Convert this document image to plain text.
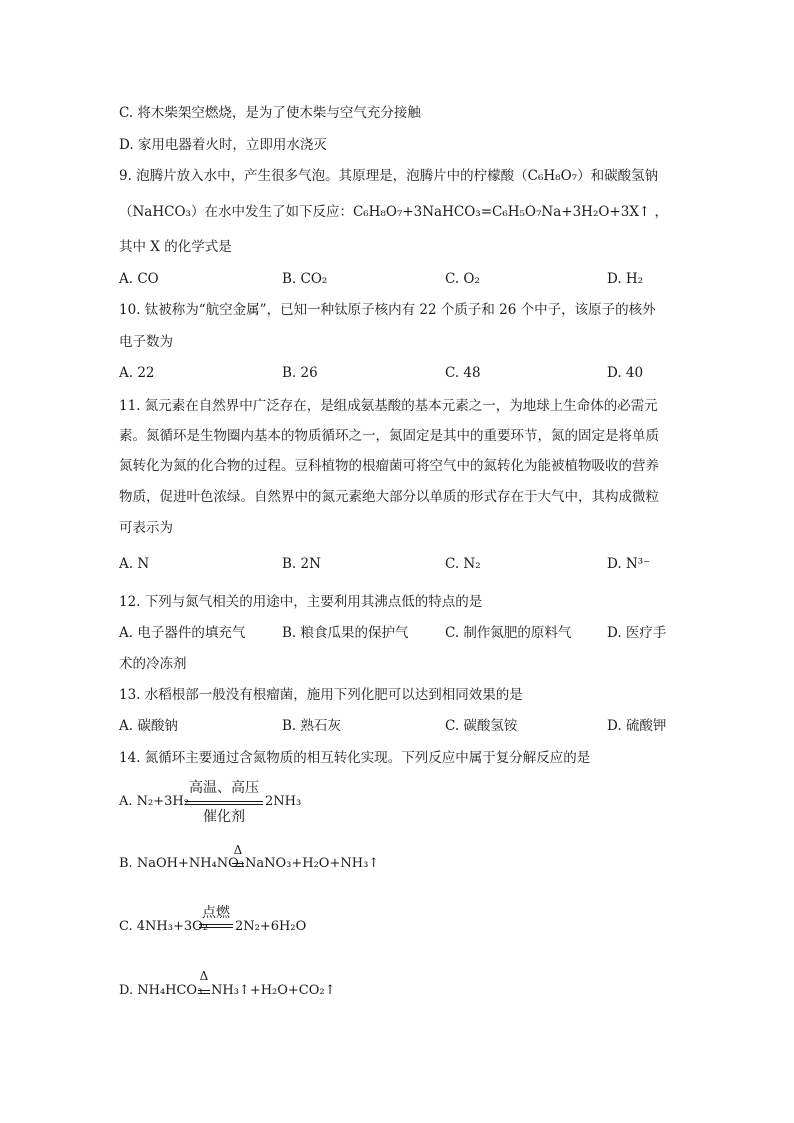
C. 将木柴架空燃烧，是为了使木柴与空气充分接触
D. 家用电器着火时，立即用水浇灭
9. 泡腾片放入水中，产生很多气泡。其原理是，泡腾片中的柠檬酸（C₆H₈O₇）和碳酸氢钠
（NaHCO₃）在水中发生了如下反应：C₆H₈O₇+3NaHCO₃=C₆H₅O₇Na+3H₂O+3X↑ ，
其中 X 的化学式是
A. CO	B. CO₂	C. O₂	D. H₂
10. 钛被称为“航空金属”，已知一种钛原子核内有 22 个质子和 26 个中子，该原子的核外
电子数为
A. 22	B. 26	C. 48	D. 40
11. 氮元素在自然界中广泛存在，是组成氨基酸的基本元素之一，为地球上生命体的必需元
素。氮循环是生物圈内基本的物质循环之一，氮固定是其中的重要环节，氮的固定是将单质
氮转化为氮的化合物的过程。豆科植物的根瘤菌可将空气中的氮转化为能被植物吸收的营养
物质，促进叶色浓绿。自然界中的氮元素绝大部分以单质的形式存在于大气中，其构成微粒
可表示为
A. N	B. 2N	C. N₂	D. N³⁻
12. 下列与氮气相关的用途中，主要利用其沸点低的特点的是
A. 电子器件的填充气	B. 粮食瓜果的保护气	C. 制作氮肥的原料气	D. 医疗手
术的冷冻剂
13. 水稻根部一般没有根瘤菌，施用下列化肥可以达到相同效果的是
A. 碳酸钠	B. 熟石灰	C. 碳酸氢铵	D. 硫酸钾
14. 氮循环主要通过含氮物质的相互转化实现。下列反应中属于复分解反应的是
A. N₂+3H₂
高温、高压
催化剂
2NH₃
B. NaOH+NH₄NO₃
Δ
NaNO₃+H₂O+NH₃↑
C. 4NH₃+3O₂
点燃
2N₂+6H₂O
D. NH₄HCO₃
Δ
NH₃↑+H₂O+CO₂↑
